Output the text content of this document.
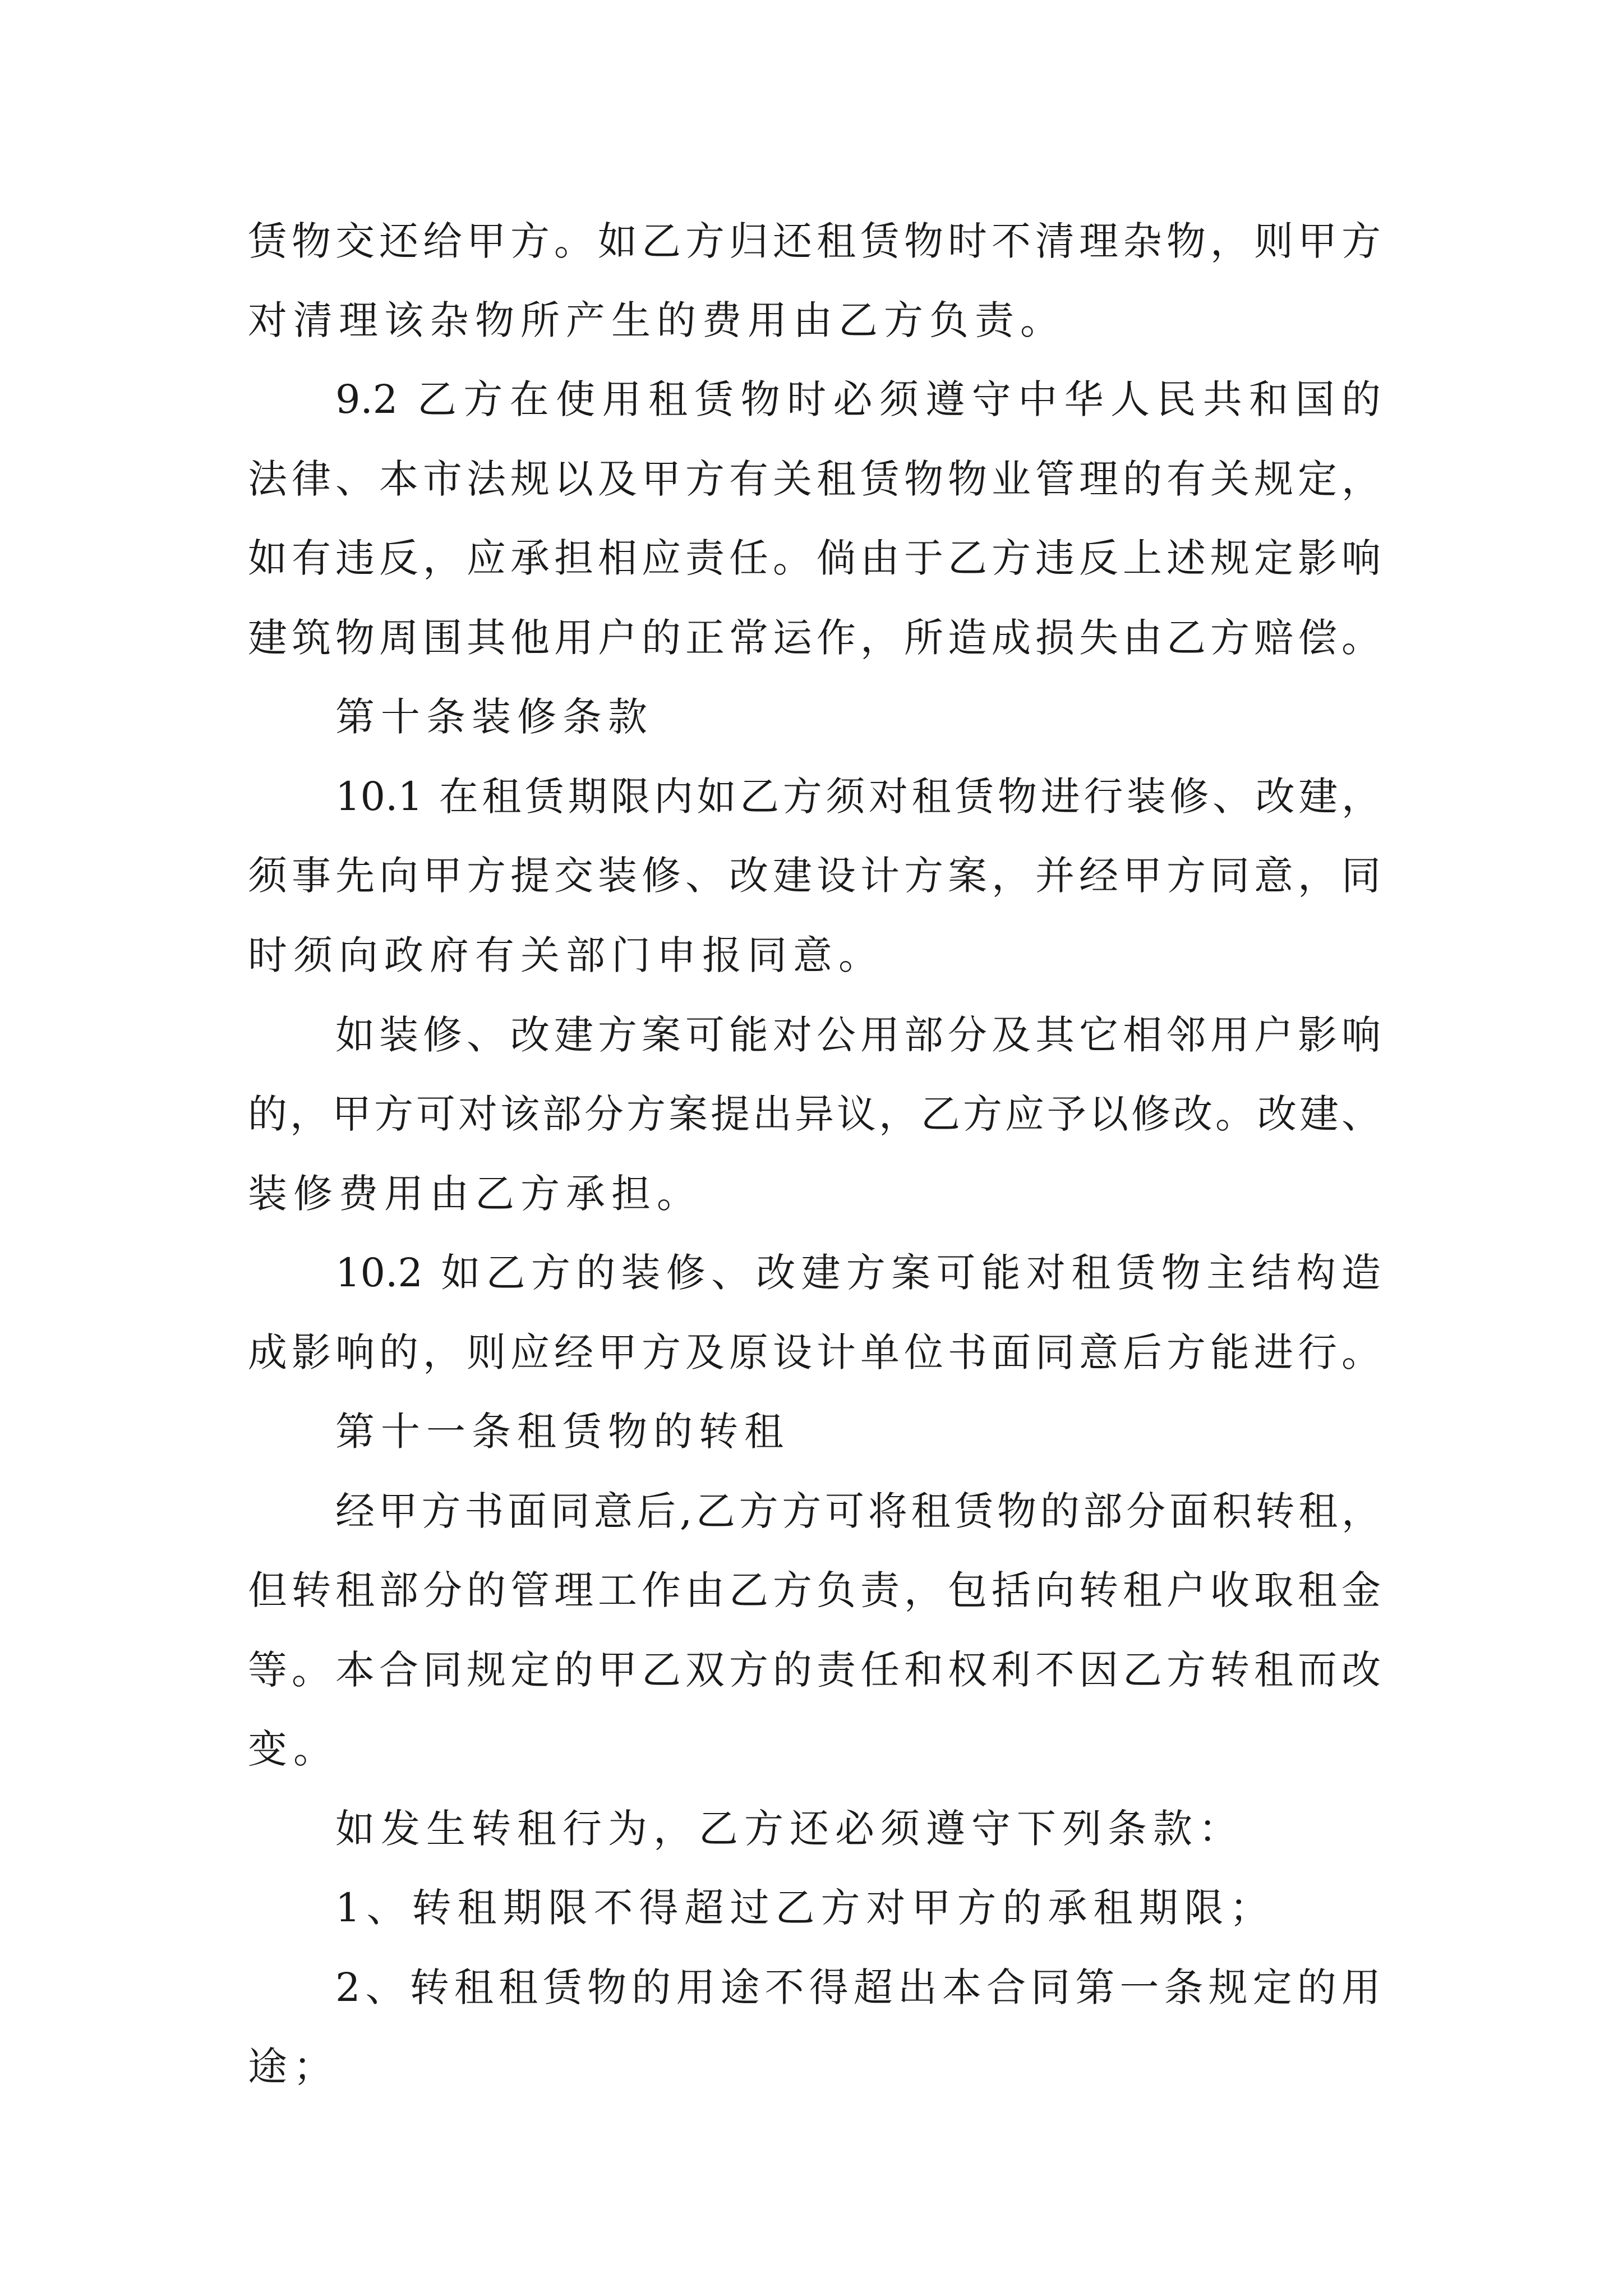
赁物交还给甲方。如乙方归还租赁物时不清理杂物，则甲方
对清理该杂物所产生的费用由乙方负责。
9.2 乙方在使用租赁物时必须遵守中华人民共和国的
法律、本市法规以及甲方有关租赁物物业管理的有关规定，
如有违反，应承担相应责任。倘由于乙方违反上述规定影响
建筑物周围其他用户的正常运作，所造成损失由乙方赔偿。
第十条装修条款
10.1 在租赁期限内如乙方须对租赁物进行装修、改建，
须事先向甲方提交装修、改建设计方案，并经甲方同意，同
时须向政府有关部门申报同意。
如装修、改建方案可能对公用部分及其它相邻用户影响
的，甲方可对该部分方案提出异议，乙方应予以修改。改建、
装修费用由乙方承担。
10.2 如乙方的装修、改建方案可能对租赁物主结构造
成影响的，则应经甲方及原设计单位书面同意后方能进行。
第十一条租赁物的转租
经甲方书面同意后,乙方方可将租赁物的部分面积转租，
但转租部分的管理工作由乙方负责，包括向转租户收取租金
等。本合同规定的甲乙双方的责任和权利不因乙方转租而改
变。
如发生转租行为，乙方还必须遵守下列条款：
1、转租期限不得超过乙方对甲方的承租期限；
2、转租租赁物的用途不得超出本合同第一条规定的用
途；
